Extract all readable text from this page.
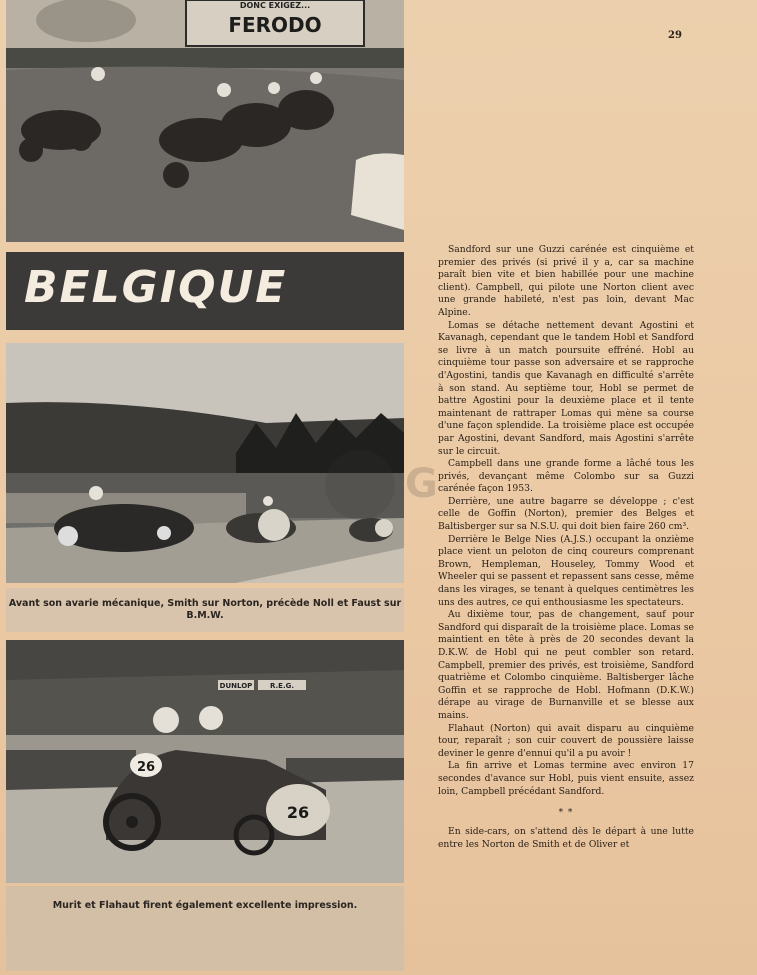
DONC EXIGEZ...
FERODO
BELGIQUE
Avant son avarie mécanique, Smith sur Norton, précède Noll et Faust sur B.M.W.
DUNLOP	R.E.G.
26
26
Murit et Flahaut firent également excellente impression.
29
G

Sandford sur une Guzzi carénée est cinquième et premier des privés (si privé il y a, car sa machine paraît bien vite et bien habillée pour une machine client). Campbell, qui pilote une Norton client avec une grande habileté, n'est pas loin, devant Mac Alpine.

Lomas se détache nettement devant Agostini et Kavanagh, cependant que le tandem Hobl et Sandford se livre à un match poursuite effréné. Hobl au cinquième tour passe son adversaire et se rapproche d'Agostini, tandis que Kavanagh en difficulté s'arrête à son stand. Au septième tour, Hobl se permet de battre Agostini pour la deuxième place et il tente maintenant de rattraper Lomas qui mène sa course d'une façon splendide. La troisième place est occupée par Agostini, devant Sandford, mais Agostini s'arrête sur le circuit.

Campbell dans une grande forme a lâché tous les privés, devançant même Colombo sur sa Guzzi carénée façon 1953.

Derrière, une autre bagarre se développe ; c'est celle de Goffin (Norton), premier des Belges et Baltisberger sur sa N.S.U. qui doit bien faire 260 cm³.

Derrière le Belge Nies (A.J.S.) occupant la onzième place vient un peloton de cinq coureurs comprenant Brown, Hempleman, Houseley, Tommy Wood et Wheeler qui se passent et repassent sans cesse, même dans les virages, se tenant à quelques centimètres les uns des autres, ce qui enthousiasme les spectateurs.

Au dixième tour, pas de changement, sauf pour Sandford qui disparaît de la troisième place. Lomas se maintient en tête à près de 20 secondes devant la D.K.W. de Hobl qui ne peut combler son retard. Campbell, premier des privés, est troisième, Sandford quatrième et Colombo cinquième. Baltisberger lâche Goffin et se rapproche de Hobl. Hofmann (D.K.W.) dérape au virage de Burnanville et se blesse aux mains.

Flahaut (Norton) qui avait disparu au cinquième tour, reparaît ; son cuir couvert de poussière laisse deviner le genre d'ennui qu'il a pu avoir !

La fin arrive et Lomas termine avec environ 17 secondes d'avance sur Hobl, puis vient ensuite, assez loin, Campbell précédant Sandford.

* *

En side-cars, on s'attend dès le départ à une lutte entre les Norton de Smith et de Oliver et
